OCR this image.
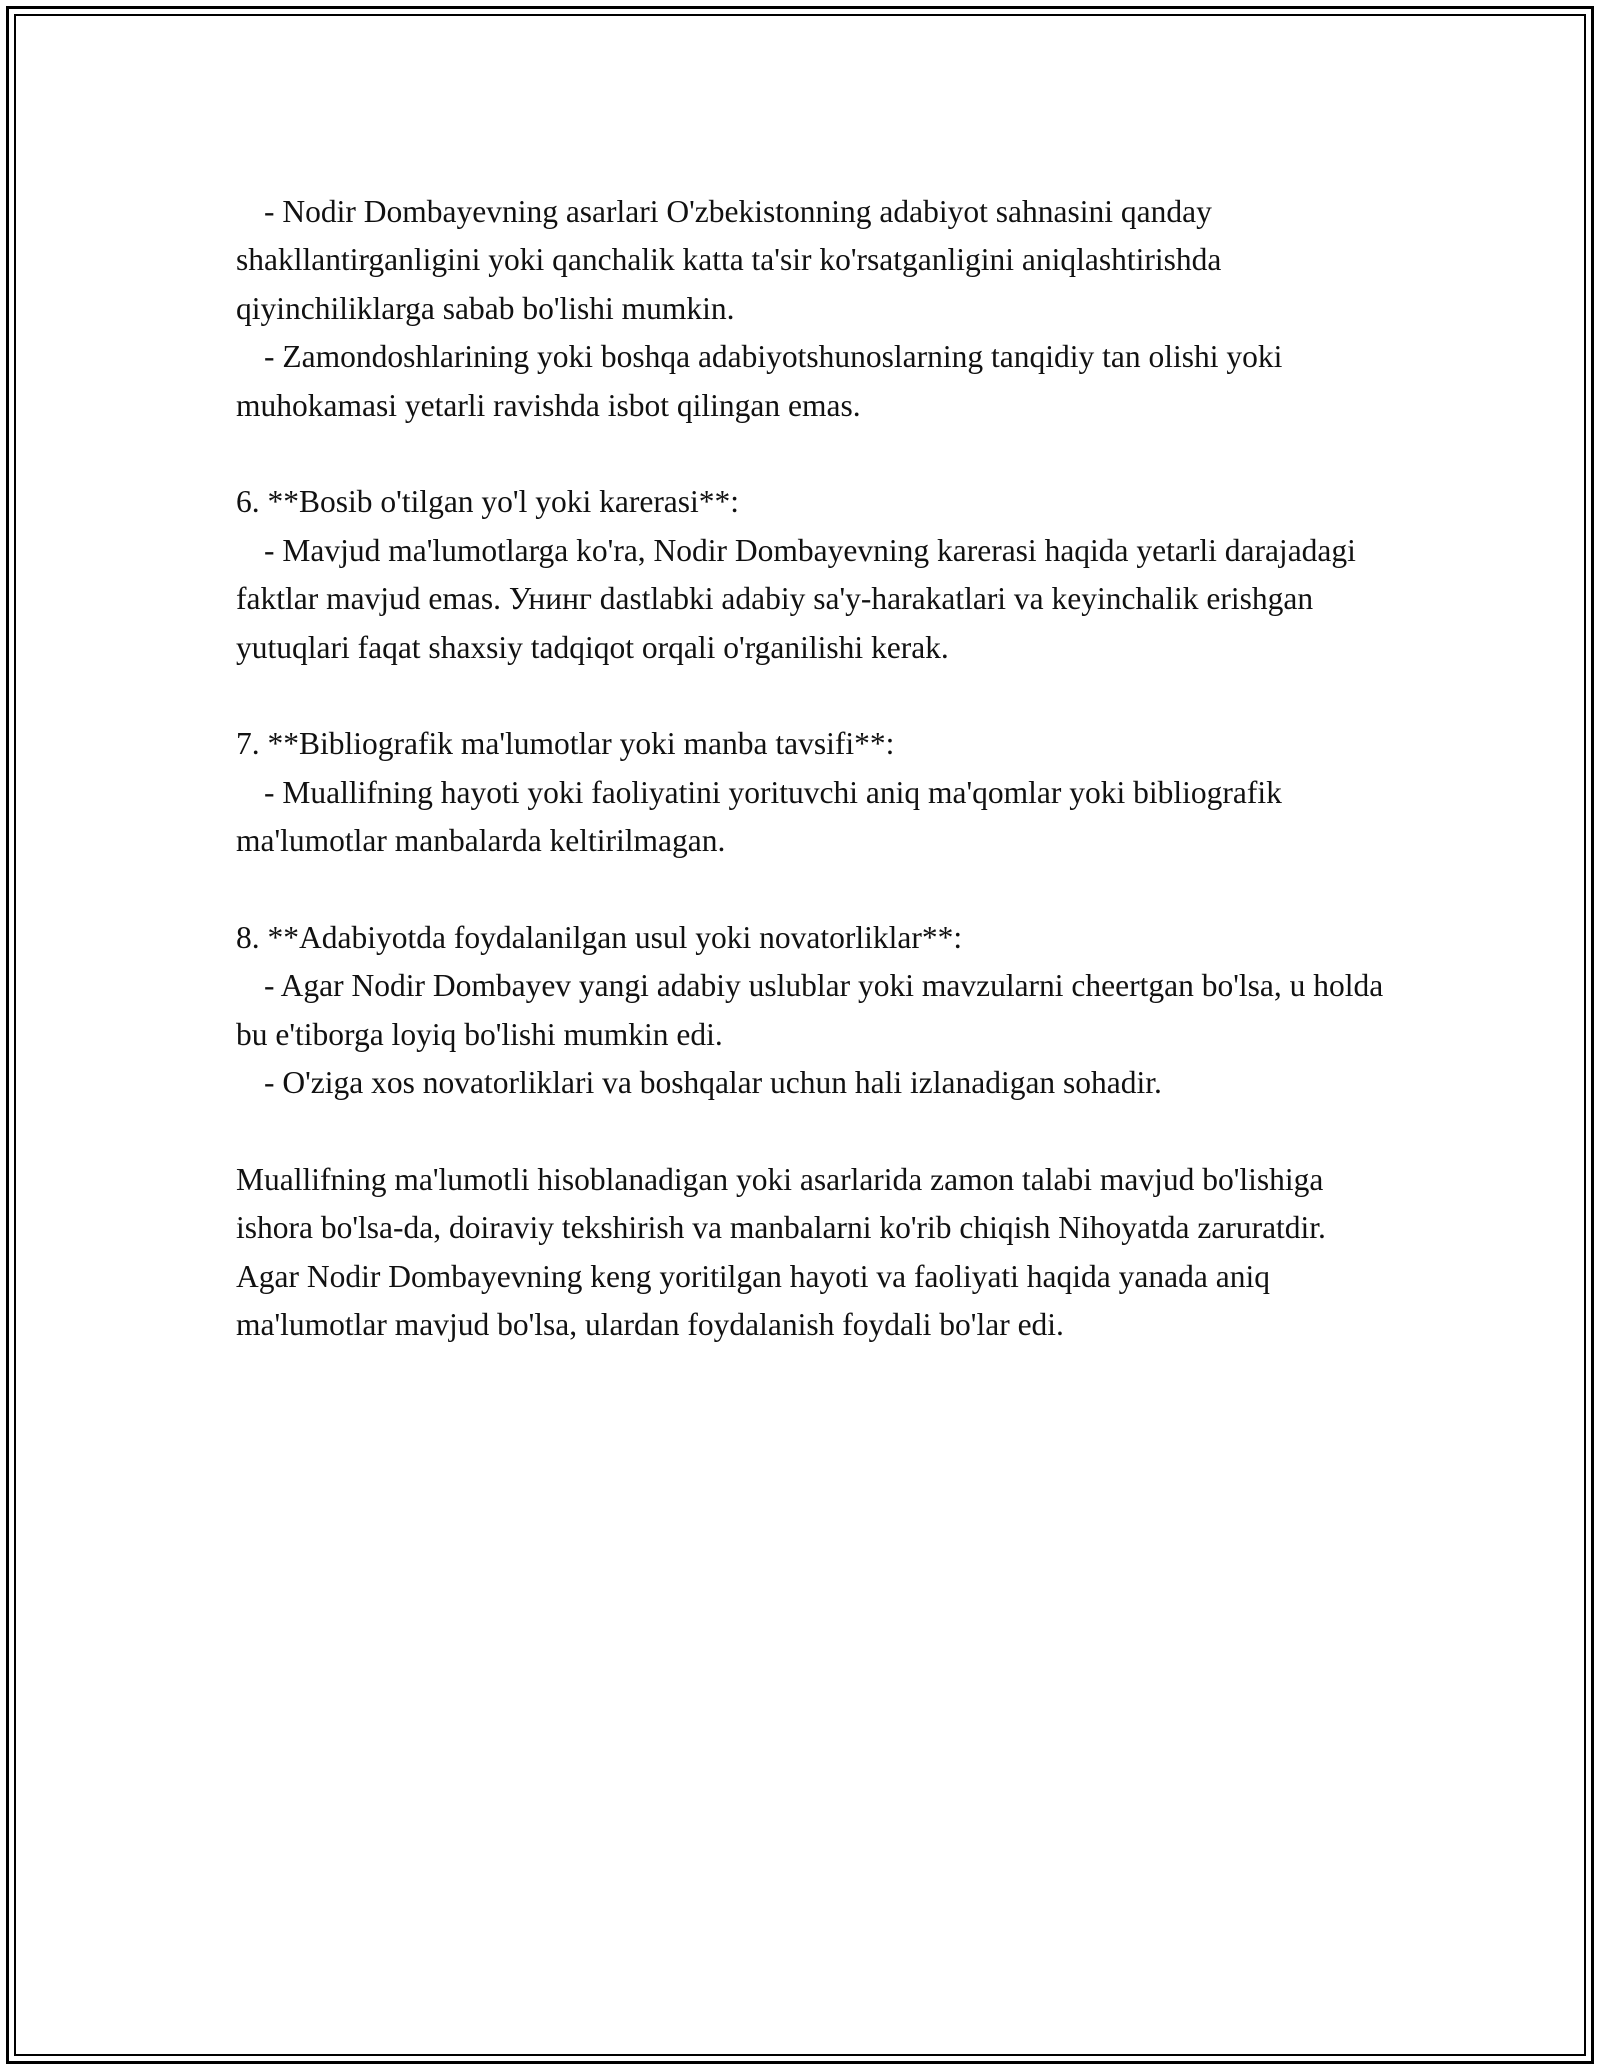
- Nodir Dombayevning asarlari O'zbekistonning adabiyot sahnasini qanday shakllantirganligini yoki qanchalik katta ta'sir ko'rsatganligini aniqlashtirishda qiyinchiliklarga sabab bo'lishi mumkin.

- Zamondoshlarining yoki boshqa adabiyotshunoslarning tanqidiy tan olishi yoki muhokamasi yetarli ravishda isbot qilingan emas.

6. **Bosib o'tilgan yo'l yoki karerasi**:

- Mavjud ma'lumotlarga ko'ra, Nodir Dombayevning karerasi haqida yetarli darajadagi faktlar mavjud emas. Унинг dastlabki adabiy sa'y-harakatlari va keyinchalik erishgan yutuqlari faqat shaxsiy tadqiqot orqali o'rganilishi kerak.

7. **Bibliografik ma'lumotlar yoki manba tavsifi**:

- Muallifning hayoti yoki faoliyatini yorituvchi aniq ma'qomlar yoki bibliografik ma'lumotlar manbalarda keltirilmagan.

8. **Adabiyotda foydalanilgan usul yoki novatorliklar**:

- Agar Nodir Dombayev yangi adabiy uslublar yoki mavzularni cheertgan bo'lsa, u holda bu e'tiborga loyiq bo'lishi mumkin edi.

- O'ziga xos novatorliklari va boshqalar uchun hali izlanadigan sohadir.

Muallifning ma'lumotli hisoblanadigan yoki asarlarida zamon talabi mavjud bo'lishiga ishora bo'lsa-da, doiraviy tekshirish va manbalarni ko'rib chiqish Nihoyatda zaruratdir. Agar Nodir Dombayevning keng yoritilgan hayoti va faoliyati haqida yanada aniq ma'lumotlar mavjud bo'lsa, ulardan foydalanish foydali bo'lar edi.
